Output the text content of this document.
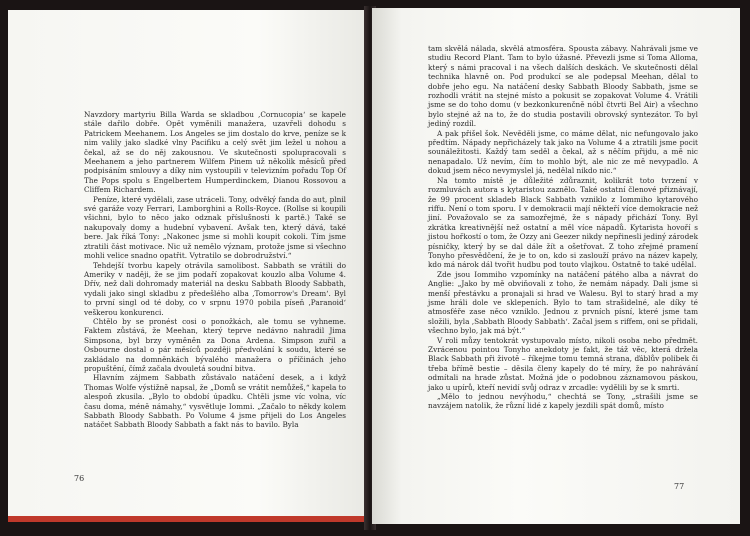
Navzdory martyriu Billa Warda se skladbou ‚Cornucopia‘ se kapele stále dařilo dobře. Opět vyměnili manažera, uzavřeli dohodu s Patrickem Meehanem. Los Angeles se jim dostalo do krve, peníze se k nim valily jako sladké vlny Pacifiku a celý svět jim ležel u nohou a čekal, až se do něj zakousnou. Ve skutečnosti spolupracovali s Meehanem a jeho partnerem Wilfem Pinem už několik měsíců před podpisáním smlouvy a díky nim vystoupili v televizním pořadu Top Of The Pops spolu s Engelbertem Humperdinckem, Dianou Rossovou a Cliffem Richardem.

Peníze, které vydělali, zase utráceli. Tony, odvěký fanda do aut, plnil své garáže vozy Ferrari, Lamborghini a Rolls-Royce. (Rollse si koupili všichni, bylo to něco jako odznak příslušnosti k partě.) Také se nakupovaly domy a hudební vybavení. Avšak ten, který dává, také bere. Jak říká Tony: „Nakonec jsme si mohli koupit cokoli. Tím jsme ztratili část motivace. Nic už nemělo význam, protože jsme si všechno mohli velice snadno opatřit. Vytratilo se dobrodružství.“

Tehdejší tvorbu kapely otrávila samolibost. Sabbath se vrátili do Ameriky v naději, že se jim podaří zopakovat kouzlo alba Volume 4. Dřív, než dali dohromady materiál na desku Sabbath Bloody Sabbath, vydali jako singl skladbu z předešlého alba ‚Tomorrow's Dream‘. Byl to první singl od té doby, co v srpnu 1970 pobila píseň ‚Paranoid‘ veškerou konkurenci.

Chtělo by se pronést cosi o ponožkách, ale tomu se vyhneme. Faktem zůstává, že Meehan, který teprve nedávno nahradil Jima Simpsona, byl brzy vyměněn za Dona Ardena. Simpson zuřil a Osbourne dostal o pár měsíců později předvolání k soudu, které se zakládalo na domněnkách bývalého manažera o příčinách jeho propuštění, čímž začala dvouletá soudní bitva.

Hlavním zájmem Sabbath zůstávalo natáčení desek, a i když Thomas Wolfe výstižně napsal, že „Domů se vrátit nemůžeš,“ kapela to alespoň zkusila. „Bylo to období úpadku. Chtěli jsme víc volna, víc času doma, méně námahy,“ vysvětluje Iommi. „Začalo to někdy kolem Sabbath Bloody Sabbath. Po Volume 4 jsme přijeli do Los Angeles natáčet Sabbath Bloody Sabbath a fakt nás to bavilo. Byla

76

tam skvělá nálada, skvělá atmosféra. Spousta zábavy. Nahrávali jsme ve studiu Record Plant. Tam to bylo úžasné. Převezli jsme si Toma Allomа, který s námi pracoval i na všech dalších deskách. Ve skutečnosti dělal technika hlavně on. Pod produkcí se ale podepsal Meehan, dělal to dobře jeho egu. Na natáčení desky Sabbath Bloody Sabbath, jsme se rozhodli vrátit na stejné místo a pokusit se zopakovat Volume 4. Vrátili jsme se do toho domu (v bezkonkurenčně nóbl čtvrti Bel Air) a všechno bylo stejné až na to, že do studia postavili obrovský syntezátor. To byl jediný rozdíl.

A pak přišel šok. Nevěděli jsme, co máme dělat, nic nefungovalo jako předtím. Nápady nepřicházely tak jako na Volume 4 a ztratili jsme pocit sounáležitosti. Každý tam seděl a čekal, až s něčím přijdu, a mě nic nenapadalo. Už nevím, čím to mohlo být, ale nic ze mě nevypadlo. A dokud jsem něco nevymyslel já, nedělal nikdo nic.“

Na tomto místě je důležité zdůraznit, kolikrát toto tvrzení v rozmluvách autora s kytaristou zaznělo. Také ostatní členové přiznávají, že 99 procent skladeb Black Sabbath vzniklo z Iommiho kytarového riffu. Není o tom sporu. I v demokracii mají někteří více demokracie než jiní. Považovalo se za samozřejmé, že s nápady přichází Tony. Byl zkrátka kreativnější než ostatní a měl více nápadů. Kytarista hovoří s jistou hořkostí o tom, že Ozzy ani Geezer nikdy nepřinesli jediný zárodek písničky, který by se dal dále žít a ošetřovat. Z toho zřejmé pramení Tonyho přesvědčení, že je to on, kdo si zaslouží právo na název kapely, kdo má nárok dál tvořit hudbu pod touto vlajkou. Ostatně to také udělal.

Zde jsou Iommiho vzpomínky na natáčení pátého alba a návrat do Anglie: „Jako by mě obviňovali z toho, že nemám nápady. Dali jsme si menší přestávku a pronajali si hrad ve Walesu. Byl to starý hrad a my jsme hráli dole ve sklepeních. Bylo to tam strašidelné, ale díky té atmosféře zase něco vzniklo. Jednou z prvních písní, které jsme tam složili, byla ‚Sabbath Bloody Sabbath‘. Začal jsem s riffem, oni se přidali, všechno bylo, jak má být.“

V roli můzy tentokrát vystupovalo místo, nikoli osoba nebo předmět. Zvrácenou pointou Tonyho anekdoty je fakt, že táž věc, která držela Black Sabbath při životě – říkejme tomu temná strana, ďáblův polibek či třeba břímě bestie – děsila členy kapely do té míry, že po nahrávání odmítali na hrade zůstat. Možná jde o podobnou záznamovou páskou, jako u upírů, kteří nevidí svůj odraz v zrcadle: vydělili by se k smrti.

„Mělo to jednou nevýhodu,“ chechtá se Tony, „strašili jsme se navzájem natolik, že různí lidé z kapely jezdili spát domů, místo

77
